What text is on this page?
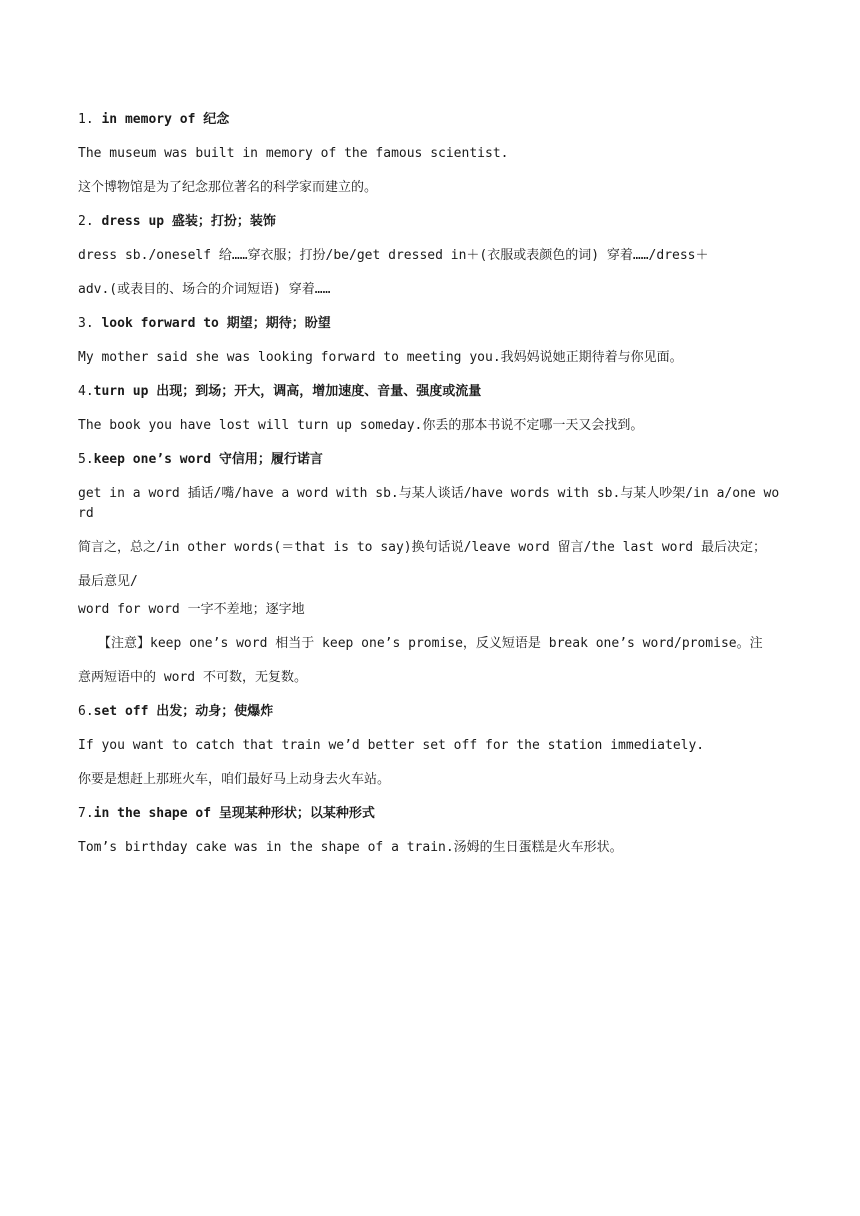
1. in memory of 纪念
The museum was built in memory of the famous scientist.
这个博物馆是为了纪念那位著名的科学家而建立的。
2. dress up 盛装；打扮；装饰
dress sb./oneself 给……穿衣服；打扮/be/get dressed in＋(衣服或表颜色的词) 穿着……/dress＋
adv.(或表目的、场合的介词短语) 穿着……
3. look forward to 期望；期待；盼望
My mother said she was looking forward to meeting you.我妈妈说她正期待着与你见面。
4.turn up 出现；到场；开大，调高，增加速度、音量、强度或流量
The book you have lost will turn up someday.你丢的那本书说不定哪一天又会找到。
5.keep one’s word 守信用；履行诺言
get in a word 插话/嘴/have a word with sb.与某人谈话/have words with sb.与某人吵架/in a/one word
简言之，总之/in other words(＝that is to say)换句话说/leave word 留言/the last word 最后决定；
最后意见/
word for word 一字不差地；逐字地
【注意】keep one’s word 相当于 keep one’s promise，反义短语是 break one’s word/promise。注
意两短语中的 word 不可数，无复数。
6.set off 出发；动身；使爆炸
If you want to catch that train we’d better set off for the station immediately.
你要是想赶上那班火车，咱们最好马上动身去火车站。
7.in the shape of 呈现某种形状；以某种形式
Tom’s birthday cake was in the shape of a train.汤姆的生日蛋糕是火车形状。
